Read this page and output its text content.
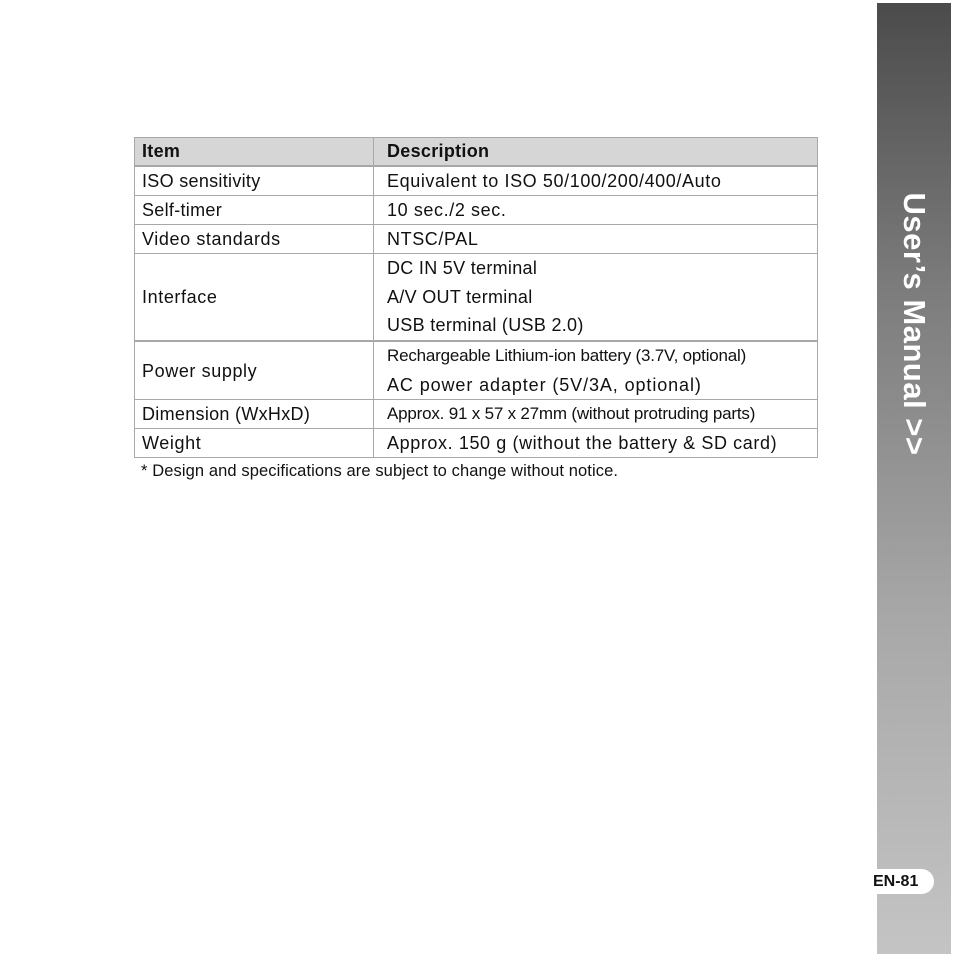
Item	Description
ISO sensitivity	Equivalent to ISO 50/100/200/400/Auto
Self-timer	10 sec./2 sec.
Video standards	NTSC/PAL
Interface	DC IN 5V terminal
A/V OUT terminal
USB terminal (USB 2.0)

Power supply	Rechargeable Lithium-ion battery (3.7V, optional)
AC power adapter (5V/3A, optional)

Dimension (WxHxD)	Approx. 91 x 57 x 27mm (without protruding parts)
Weight	Approx. 150 g (without the battery & SD card)
* Design and specifications are subject to change without notice.
User’s Manual >>
EN-81
